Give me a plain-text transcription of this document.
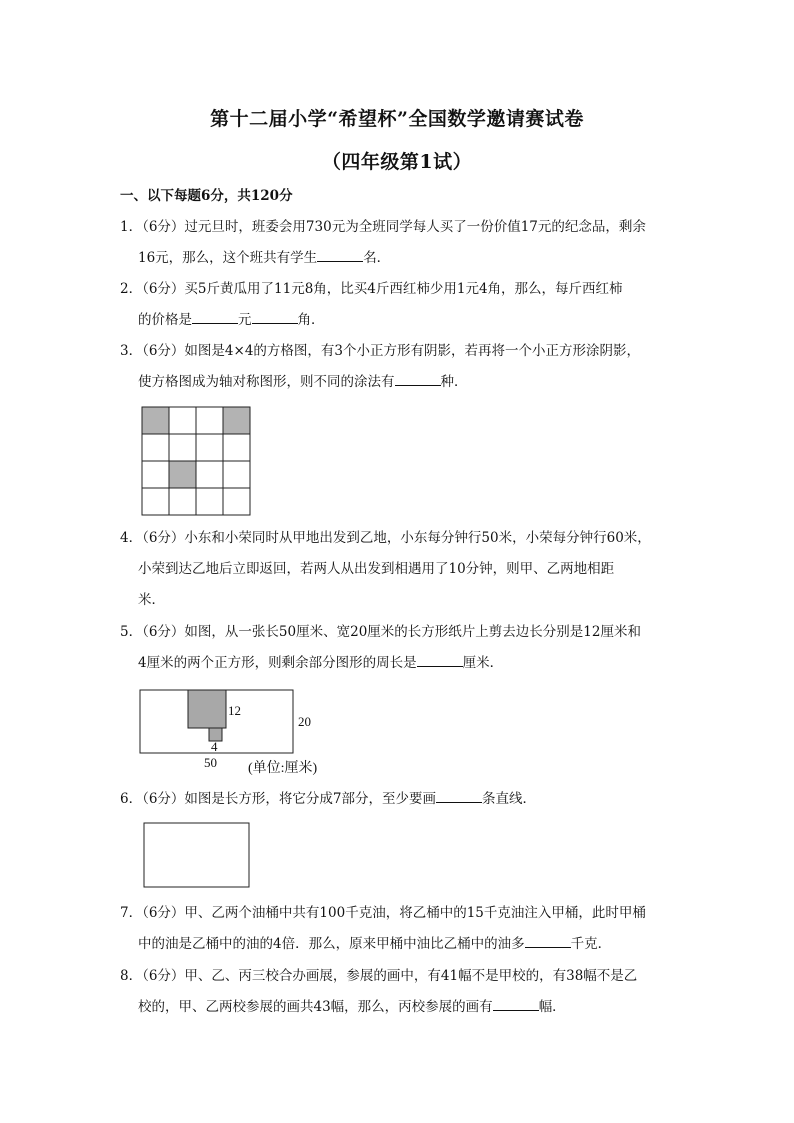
第十二届小学“希望杯”全国数学邀请赛试卷
（四年级第1试）
一、以下每题6分，共120分

1．（6分）过元旦时，班委会用730元为全班同学每人买了一份价值17元的纪念品，剩余

16元，那么，这个班共有学生	名．

2．（6分）买5斤黄瓜用了11元8角，比买4斤西红柿少用1元4角，那么，每斤西红柿

的价格是	元	角．

3．（6分）如图是4×4的方格图，有3个小正方形有阴影，若再将一个小正方形涂阴影，

使方格图成为轴对称图形，则不同的涂法有	种．

4．（6分）小东和小荣同时从甲地出发到乙地，小东每分钟行50米，小荣每分钟行60米，

小荣到达乙地后立即返回，若两人从出发到相遇用了10分钟，则甲、乙两地相距

米．

5．（6分）如图，从一张长50厘米、宽20厘米的长方形纸片上剪去边长分别是12厘米和

4厘米的两个正方形，则剩余部分图形的周长是	厘米．

12
20
4
50 (单位:厘米)

6．（6分）如图是长方形，将它分成7部分，至少要画	条直线．

7．（6分）甲、乙两个油桶中共有100千克油，将乙桶中的15千克油注入甲桶，此时甲桶

中的油是乙桶中的油的4倍．那么，原来甲桶中油比乙桶中的油多	千克．

8．（6分）甲、乙、丙三校合办画展，参展的画中，有41幅不是甲校的，有38幅不是乙

校的，甲、乙两校参展的画共43幅，那么，丙校参展的画有	幅．
